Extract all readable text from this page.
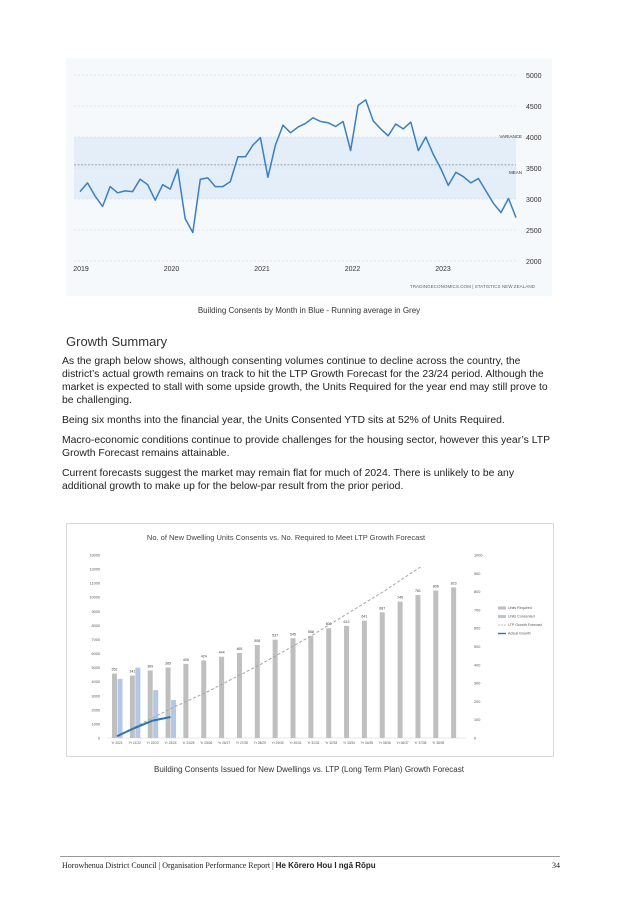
5000
4500
4000
3500
3000
2500
2000
MEAN
VARIANCE
2019	2020	2021	2022	2023
TRADINGECONOMICS.COM | STATISTICS NEW ZEALAND
Building Consents by Month in Blue - Running average in Grey
Growth Summary

As the graph below shows, although consenting volumes continue to decline across the country, the district’s actual growth remains on track to hit the LTP Growth Forecast for the 23/24 period. Although the market is expected to stall with some upside growth, the Units Required for the year end may still prove to be challenging.

Being six months into the financial year, the Units Consented YTD sits at 52% of Units Required.

Macro-economic conditions continue to provide challenges for the housing sector, however this year’s LTP Growth Forecast remains attainable.

Current forecasts suggest the market may remain flat for much of 2024. There is unlikely to be any additional growth to make up for the below-par result from the prior period.

No. of New Dwelling Units Consents vs. No. Required to Meet LTP Growth Forecast
0
1000
2000
3000
4000
5000
6000
7000
8000
9000
10000
11000
12000
13000
0
100
200
300
400
500
600
700
800
900
1000
352
341
369
385
405
424
444
465
508
537	545
558
600
613
641
687
746
781
806
823
Yr 2021 Yr 21/22 Yr 22/23 Yr 23/24 Yr 24/25 Yr 25/26 Yr 26/27 Yr 27/28 Yr 28/29 Yr 29/30 Yr 30/31 Yr 31/32 Yr 32/33 Yr 33/34 Yr 34/35 Yr 35/36 Yr 36/37 Yr 37/38 Yr 38/39
Units Required
Units Consented
LTP Growth Forecast
Actual Growth
Building Consents Issued for New Dwellings vs. LTP (Long Term Plan) Growth Forecast
Horowhenua District Council | Organisation Performance Report | He Kōrero Hou I ngā Rōpu	34
